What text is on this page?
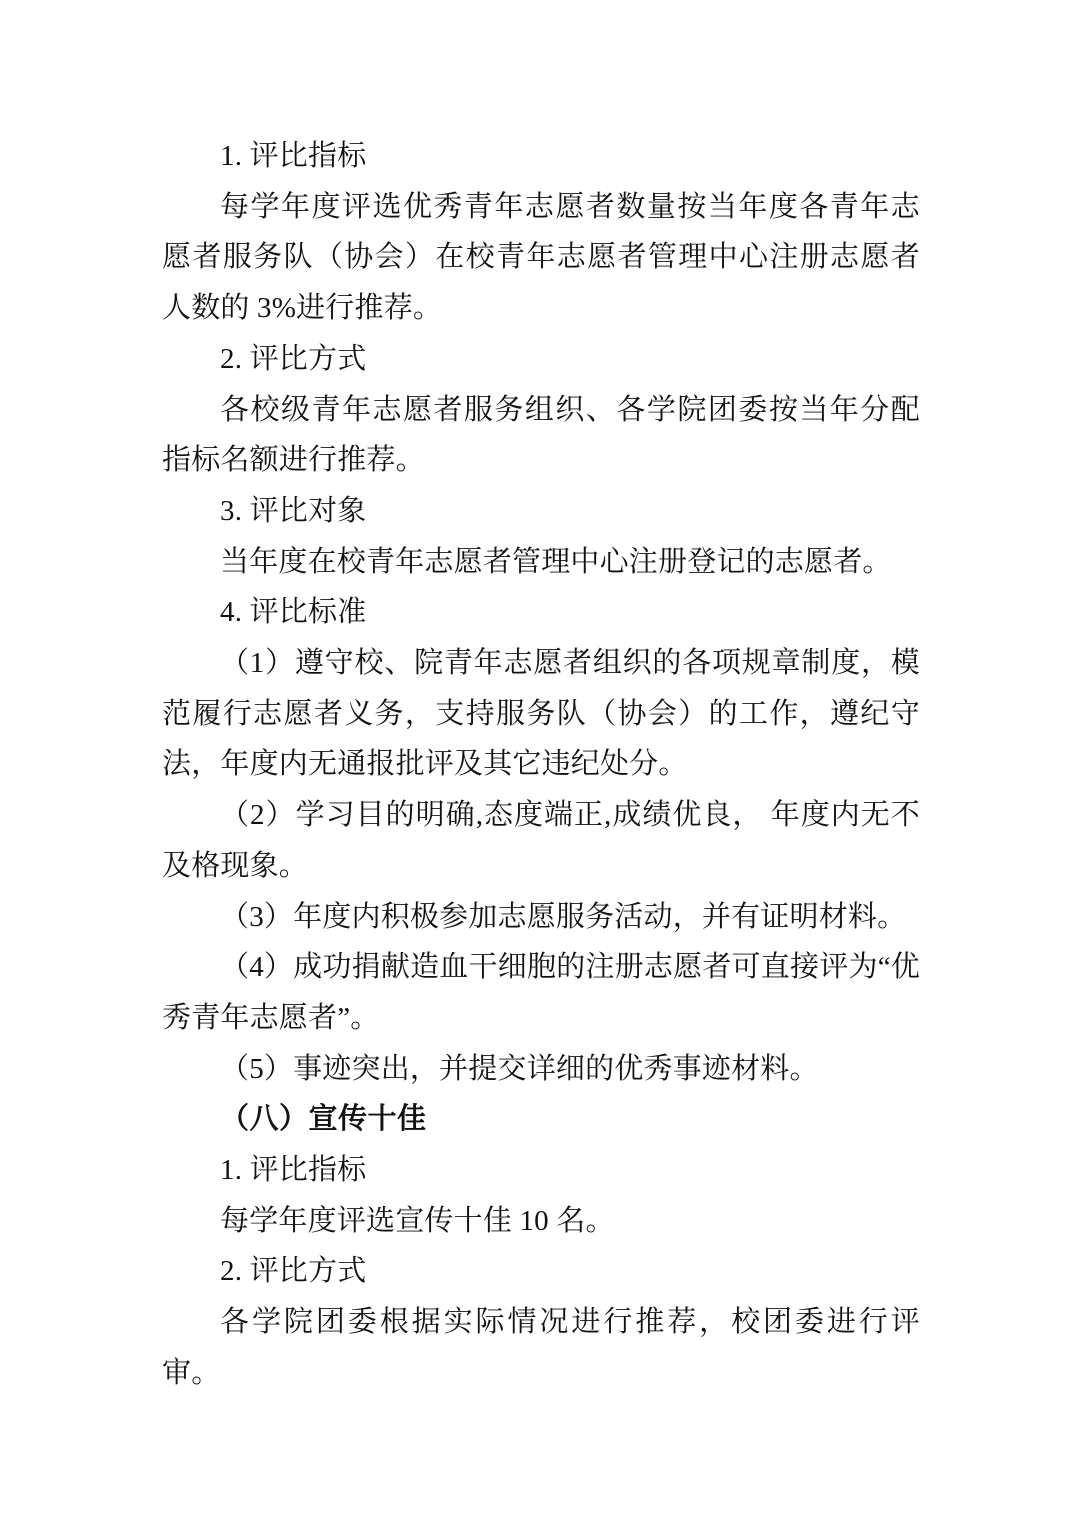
1. 评比指标

每学年度评选优秀青年志愿者数量按当年度各青年志愿者服务队（协会）在校青年志愿者管理中心注册志愿者人数的 3%进行推荐。

2. 评比方式

各校级青年志愿者服务组织、各学院团委按当年分配指标名额进行推荐。

3. 评比对象

当年度在校青年志愿者管理中心注册登记的志愿者。

4. 评比标准

（1）遵守校、院青年志愿者组织的各项规章制度，模范履行志愿者义务，支持服务队（协会）的工作，遵纪守法，年度内无通报批评及其它违纪处分。

（2）学习目的明确,态度端正,成绩优良， 年度内无不及格现象。

（3）年度内积极参加志愿服务活动，并有证明材料。

（4）成功捐献造血干细胞的注册志愿者可直接评为“优秀青年志愿者”。

（5）事迹突出，并提交详细的优秀事迹材料。

（八）宣传十佳

1. 评比指标

每学年度评选宣传十佳 10 名。

2. 评比方式

各学院团委根据实际情况进行推荐，校团委进行评审。
